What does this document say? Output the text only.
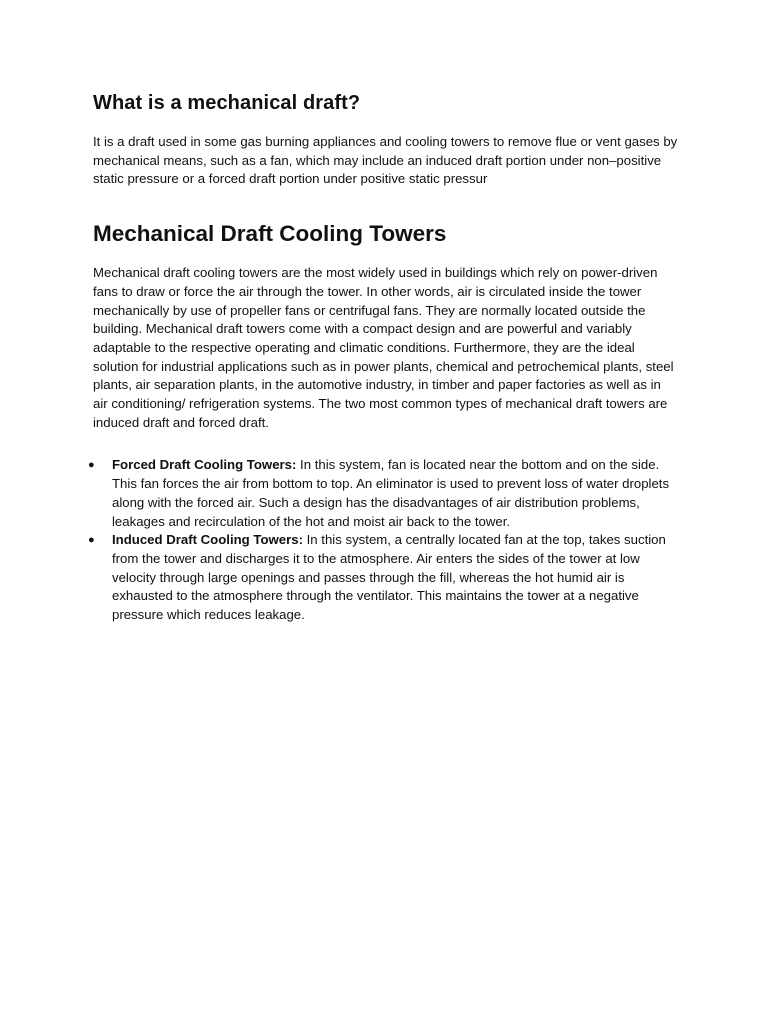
What is a mechanical draft?

It is a draft used in some gas burning appliances and cooling towers to remove flue or vent gases by mechanical means, such as a fan, which may include an induced draft portion under non–positive static pressure or a forced draft portion under positive static pressur

Mechanical Draft Cooling Towers

Mechanical draft cooling towers are the most widely used in buildings which rely on power-driven fans to draw or force the air through the tower. In other words, air is circulated inside the tower mechanically by use of propeller fans or centrifugal fans. They are normally located outside the building. Mechanical draft towers come with a compact design and are powerful and variably adaptable to the respective operating and climatic conditions. Furthermore, they are the ideal solution for industrial applications such as in power plants, chemical and petrochemical plants, steel plants, air separation plants, in the automotive industry, in timber and paper factories as well as in air conditioning/ refrigeration systems. The two most common types of mechanical draft towers are induced draft and forced draft.

● Forced Draft Cooling Towers: In this system, fan is located near the bottom and on the side. This fan forces the air from bottom to top. An eliminator is used to prevent loss of water droplets along with the forced air. Such a design has the disadvantages of air distribution problems, leakages and recirculation of the hot and moist air back to the tower.
● Induced Draft Cooling Towers: In this system, a centrally located fan at the top, takes suction from the tower and discharges it to the atmosphere. Air enters the sides of the tower at low velocity through large openings and passes through the fill, whereas the hot humid air is exhausted to the atmosphere through the ventilator. This maintains the tower at a negative pressure which reduces leakage.
